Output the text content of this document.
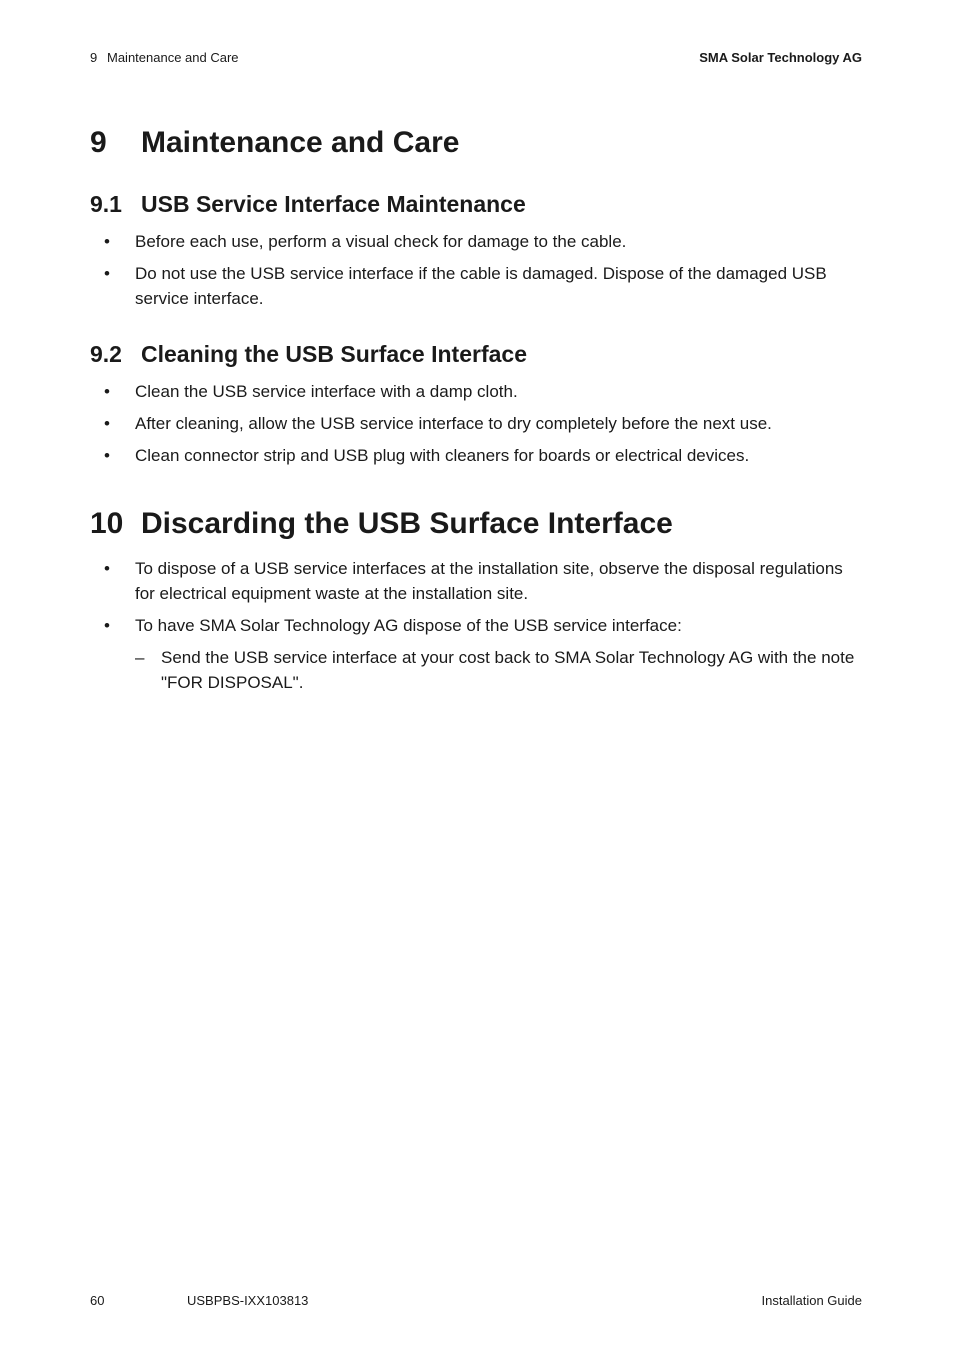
9 Maintenance and Care	SMA Solar Technology AG
9 Maintenance and Care
9.1 USB Service Interface Maintenance
• Before each use, perform a visual check for damage to the cable.
• Do not use the USB service interface if the cable is damaged. Dispose of the damaged USB service interface.
9.2 Cleaning the USB Surface Interface
• Clean the USB service interface with a damp cloth.
• After cleaning, allow the USB service interface to dry completely before the next use.
• Clean connector strip and USB plug with cleaners for boards or electrical devices.
10 Discarding the USB Surface Interface
• To dispose of a USB service interfaces at the installation site, observe the disposal regulations for electrical equipment waste at the installation site.
• To have SMA Solar Technology AG dispose of the USB service interface:
– Send the USB service interface at your cost back to SMA Solar Technology AG with the note "FOR DISPOSAL".
60	USBPBS-IXX103813	Installation Guide
